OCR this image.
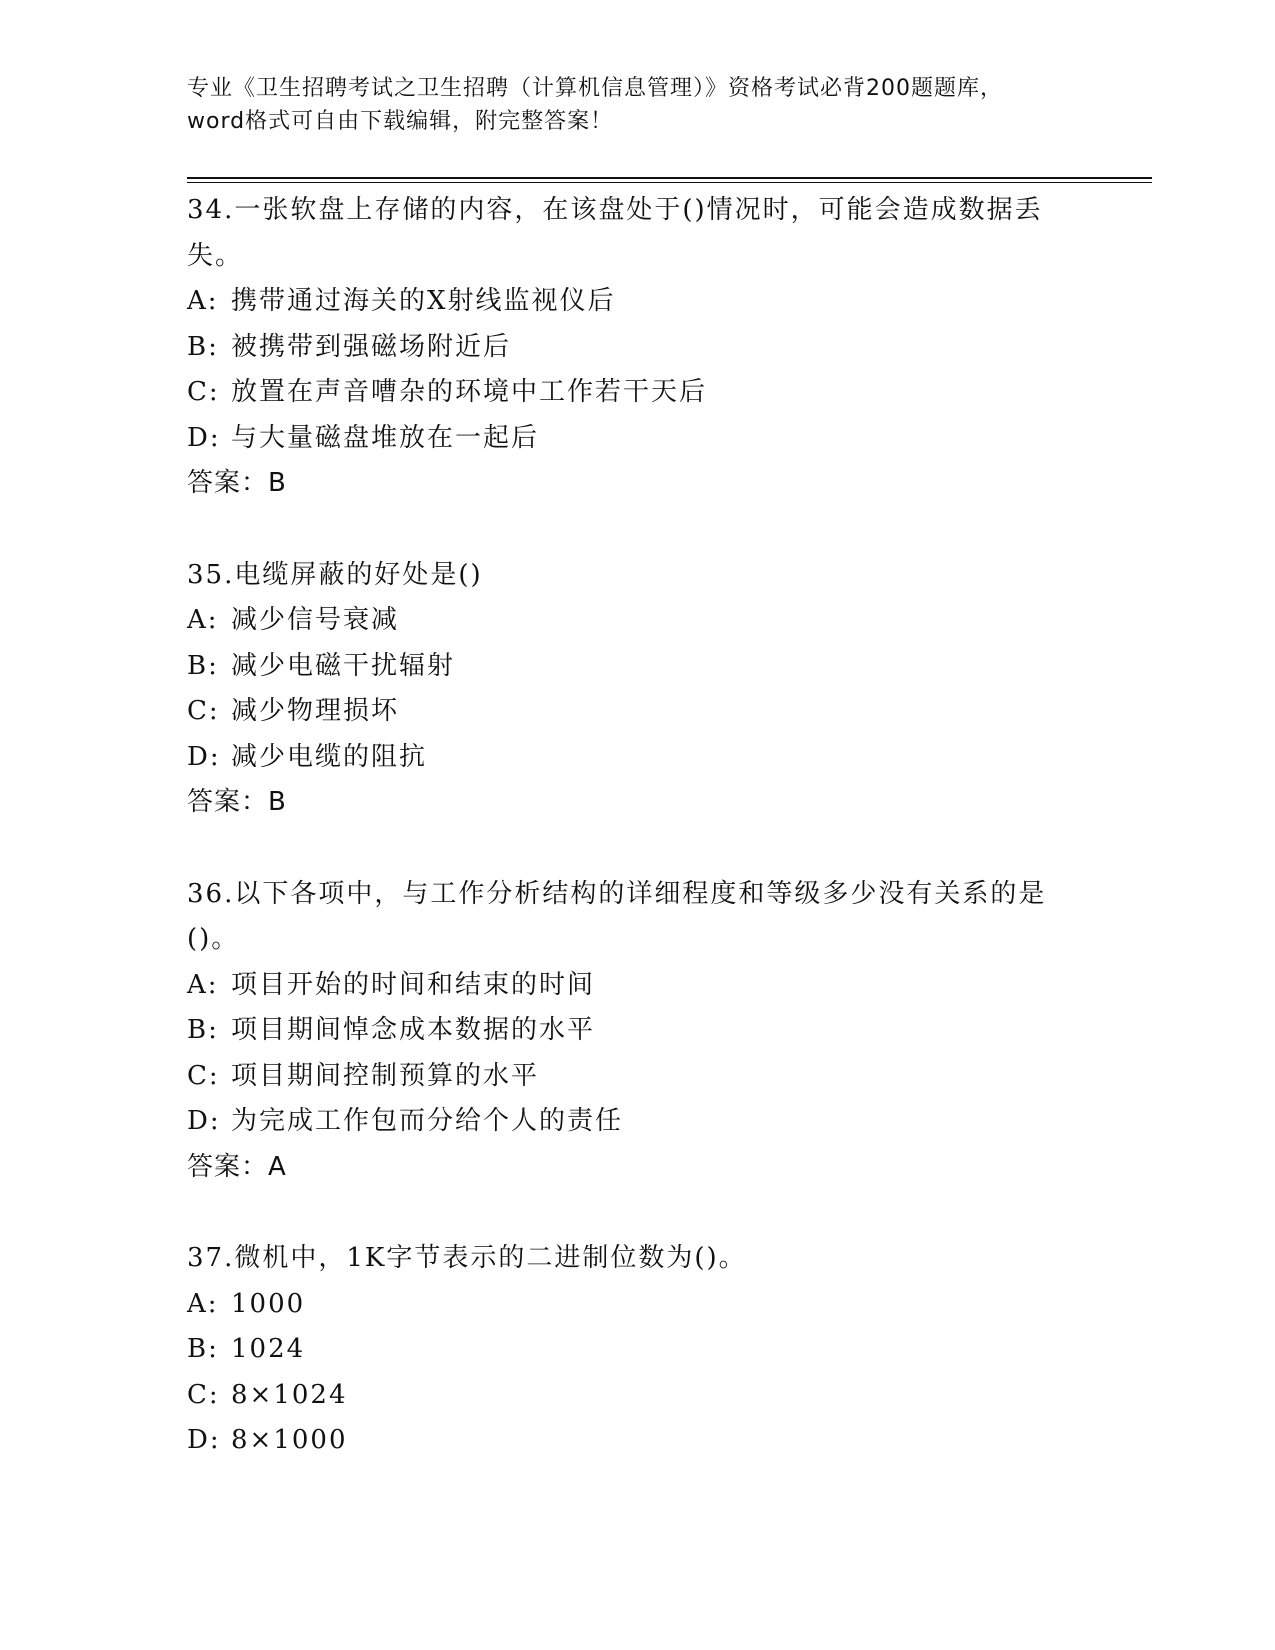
专业《卫生招聘考试之卫生招聘（计算机信息管理）》资格考试必背200题题库，
word格式可自由下载编辑，附完整答案！
34.一张软盘上存储的内容，在该盘处于()情况时，可能会造成数据丢失。
A: 携带通过海关的X射线监视仪后
B: 被携带到强磁场附近后
C: 放置在声音嘈杂的环境中工作若干天后
D: 与大量磁盘堆放在一起后
答案：B
35.电缆屏蔽的好处是()
A: 减少信号衰减
B: 减少电磁干扰辐射
C: 减少物理损坏
D: 减少电缆的阻抗
答案：B
36.以下各项中，与工作分析结构的详细程度和等级多少没有关系的是()。
A: 项目开始的时间和结束的时间
B: 项目期间悼念成本数据的水平
C: 项目期间控制预算的水平
D: 为完成工作包而分给个人的责任
答案：A
37.微机中，1K字节表示的二进制位数为()。
A: 1000
B: 1024
C: 8×1024
D: 8×1000
